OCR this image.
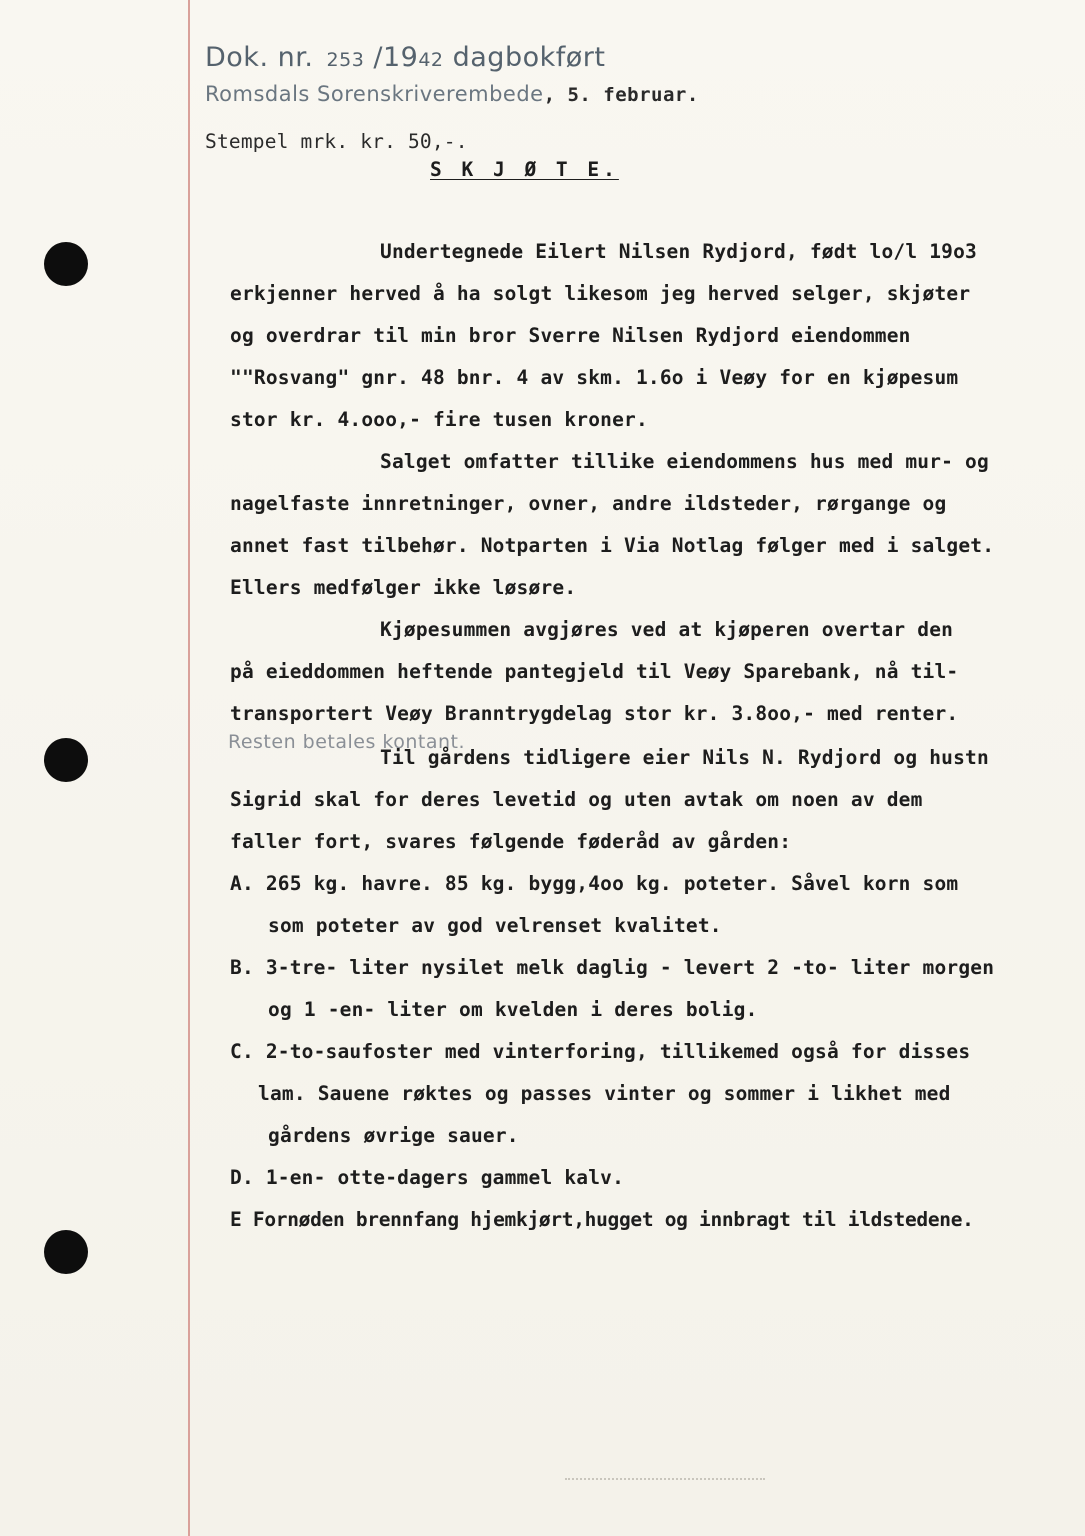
Dok. nr. 253 /1942 dagbokført
Romsdals Sorenskriverembede, 5. februar.
Stempel mrk. kr. 50,-.
S K J Ø T E.
Undertegnede Eilert Nilsen Rydjord, født lo/l 19o3
erkjenner herved å ha solgt likesom jeg herved selger, skjøter
og overdrar til min bror Sverre Nilsen Rydjord eiendommen
""Rosvang" gnr. 48 bnr. 4 av skm. 1.6o i Veøy for en kjøpesum
stor kr. 4.ooo,- fire tusen kroner.
Salget omfatter tillike eiendommens hus med mur- og
nagelfaste innretninger, ovner, andre ildsteder, rørgange og
annet fast tilbehør. Notparten i Via Notlag følger med i salget.
Ellers medfølger ikke løsøre.
Kjøpesummen avgjøres ved at kjøperen overtar den
på eieddommen heftende pantegjeld til Veøy Sparebank, nå til-
transportert Veøy Branntrygdelag stor kr. 3.8oo,- med renter.
Resten betales kontant.
Til gårdens tidligere eier Nils N. Rydjord og hustn
Sigrid skal for deres levetid og uten avtak om noen av dem
faller fort, svares følgende føderåd av gården:
A. 265 kg. havre. 85 kg. bygg,4oo kg. poteter. Såvel korn som
som poteter av god velrenset kvalitet.
B. 3-tre- liter nysilet melk daglig - levert 2 -to- liter morgen
og 1 -en- liter om kvelden i deres bolig.
C. 2-to-saufoster med vinterforing, tillikemed også for disses
lam. Sauene røktes og passes vinter og sommer i likhet med
gårdens øvrige sauer.
D. 1-en- otte-dagers gammel kalv.
E Fornøden brennfang hjemkjørt,hugget og innbragt til ildstedene.
